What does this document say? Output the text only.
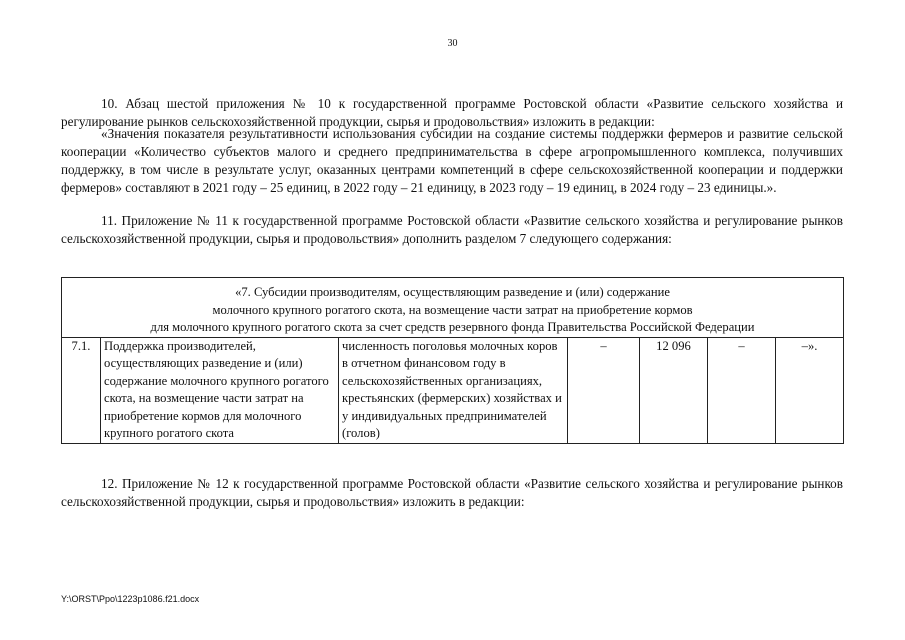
30

10. Абзац шестой приложения № 10 к государственной программе Ростовской области «Развитие сельского хозяйства и регулирование рынков сельскохозяйственной продукции, сырья и продовольствия» изложить в редакции:

«Значения показателя результативности использования субсидии на создание системы поддержки фермеров и развитие сельской кооперации «Количество субъектов малого и среднего предпринимательства в сфере агропромышленного комплекса, получивших поддержку, в том числе в результате услуг, оказанных центрами компетенций в сфере сельскохозяйственной кооперации и поддержки фермеров» составляют в 2021 году – 25 единиц, в 2022 году – 21 единицу, в 2023 году – 19 единиц, в 2024 году – 23 единицы.».

11. Приложение № 11 к государственной программе Ростовской области «Развитие сельского хозяйства и регулирование рынков сельскохозяйственной продукции, сырья и продовольствия» дополнить разделом 7 следующего содержания:

«7. Субсидии производителям, осуществляющим разведение и (или) содержание
молочного крупного рогатого скота, на возмещение части затрат на приобретение кормов
для молочного крупного рогатого скота за счет средств резервного фонда Правительства Российской Федерации

7.1.	Поддержка производителей, осуществляющих разведение и (или) содержание молочного крупного рогатого скота, на возмещение части затрат на приобретение кормов для молочного крупного рогатого скота	численность поголовья молочных коров в отчетном финансовом году в сельскохозяйственных организациях, крестьянских (фермерских) хозяйствах и у индивидуальных предпринимателей (голов)	–	12 096	–	–».

12. Приложение № 12 к государственной программе Ростовской области «Развитие сельского хозяйства и регулирование рынков сельскохозяйственной продукции, сырья и продовольствия» изложить в редакции:

Y:\ORST\Ppo\1223p1086.f21.docx
